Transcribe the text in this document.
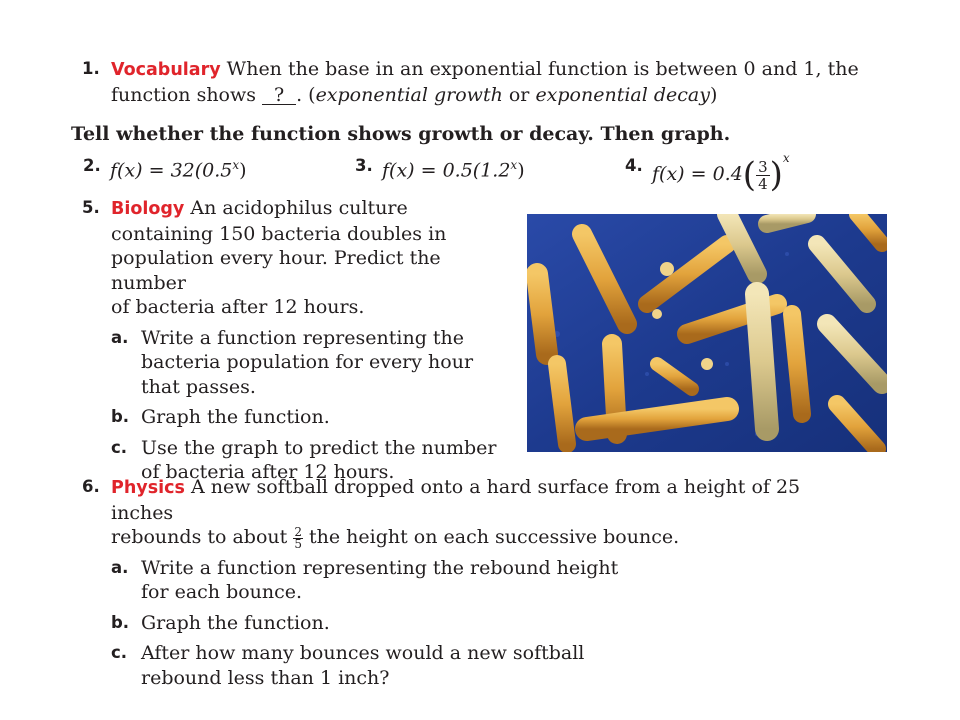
1. Vocabulary When the base in an exponential function is between 0 and 1, the
function shows ? . (exponential growth or exponential decay)
Tell whether the function shows growth or decay. Then graph.
2. $f(x) = 32(0.5^x)$	3. $f(x) = 0.5(1.2^x)$	4. $f(x) = 0.4( \frac{3}{4} )^x$
5. Biology An acidophilus culture
containing 150 bacteria doubles in
population every hour. Predict the number
of bacteria after 12 hours.
a. Write a function representing the
bacteria population for every hour
that passes.
b. Graph the function.
c. Use the graph to predict the number
of bacteria after 12 hours.
6. Physics A new softball dropped onto a hard surface from a height of 25 inches
rebounds to about $\frac{2}{5}$ the height on each successive bounce.
a. Write a function representing the rebound height
for each bounce.
b. Graph the function.
c. After how many bounces would a new softball
rebound less than 1 inch?
